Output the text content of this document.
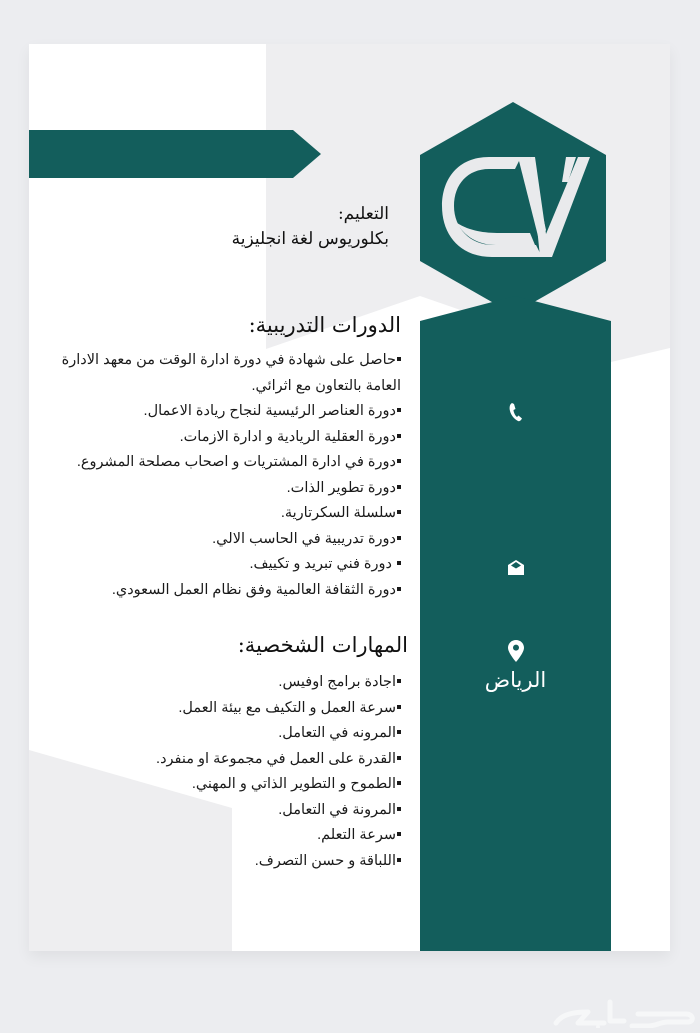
الرياض
التعليم:
بكلوريوس لغة انجليزية
الدورات التدريبية:
حاصل على شهادة في دورة ادارة الوقت من معهد الادارة العامة بالتعاون مع اثرائي.
دورة العناصر الرئيسية لنجاح ريادة الاعمال.
دورة العقلية الريادية و ادارة الازمات.
دورة في ادارة المشتريات و اصحاب مصلحة المشروع.
دورة تطوير الذات.
سلسلة السكرتارية.
دورة تدريبية في الحاسب الالي.
دورة فني تبريد و تكييف.
دورة الثقافة العالمية وفق نظام العمل السعودي.
المهارات الشخصية:
اجادة برامج اوفيس.
سرعة العمل و التكيف مع بيئة العمل.
المرونه في التعامل.
القدرة على العمل في مجموعة او منفرد.
الطموح و التطوير الذاتي و المهني.
المرونة في التعامل.
سرعة التعلم.
اللباقة و حسن التصرف.
